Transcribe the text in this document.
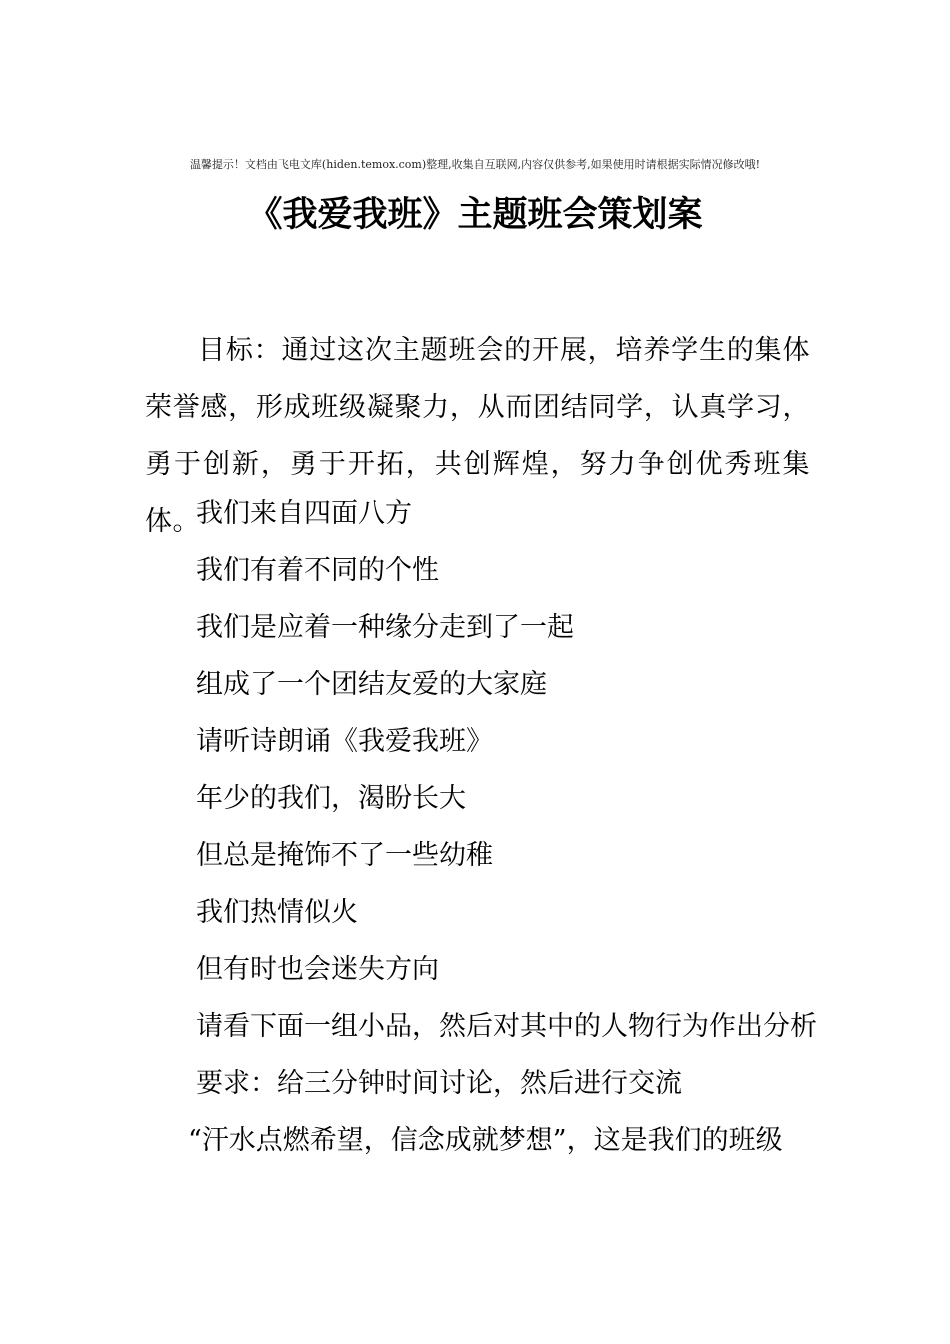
温馨提示！文档由飞电文库(hiden.temox.com)整理,收集自互联网,内容仅供参考,如果使用时请根据实际情况修改哦!
《我爱我班》主题班会策划案
目标：通过这次主题班会的开展，培养学生的集体荣誉感，形成班级凝聚力，从而团结同学，认真学习，勇于创新，勇于开拓，共创辉煌，努力争创优秀班集体。
我们来自四面八方
我们有着不同的个性
我们是应着一种缘分走到了一起
组成了一个团结友爱的大家庭
请听诗朗诵《我爱我班》
年少的我们，渴盼长大
但总是掩饰不了一些幼稚
我们热情似火
但有时也会迷失方向
请看下面一组小品，然后对其中的人物行为作出分析
要求：给三分钟时间讨论，然后进行交流
“汗水点燃希望，信念成就梦想”，这是我们的班级
